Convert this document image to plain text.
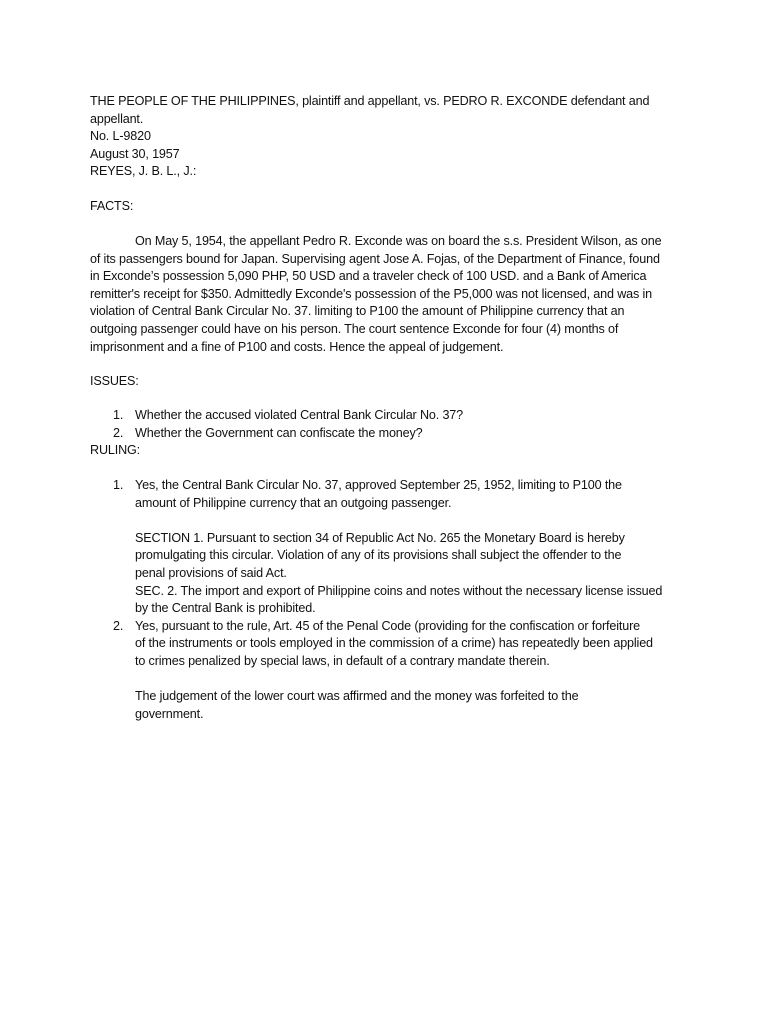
THE PEOPLE OF THE PHILIPPINES, plaintiff and appellant, vs. PEDRO R. EXCONDE defendant and
appellant.
No. L-9820
August 30, 1957
REYES, J. B. L., J.:
FACTS:
On May 5, 1954, the appellant Pedro R. Exconde was on board the s.s. President Wilson, as one
of its passengers bound for Japan. Supervising agent Jose A. Fojas, of the Department of Finance, found
in Exconde’s possession 5,090 PHP, 50 USD and a traveler check of 100 USD. and a Bank of America
remitter's receipt for $350. Admittedly Exconde's possession of the P5,000 was not licensed, and was in
violation of Central Bank Circular No. 37. limiting to P100 the amount of Philippine currency that an
outgoing passenger could have on his person. The court sentence Exconde for four (4) months of
imprisonment and a fine of P100 and costs. Hence the appeal of judgement.
ISSUES:
1. Whether the accused violated Central Bank Circular No. 37?
2. Whether the Government can confiscate the money?
RULING:
1. Yes, the Central Bank Circular No. 37, approved September 25, 1952, limiting to P100 the
amount of Philippine currency that an outgoing passenger.
SECTION 1. Pursuant to section 34 of Republic Act No. 265 the Monetary Board is hereby
promulgating this circular. Violation of any of its provisions shall subject the offender to the
penal provisions of said Act.
SEC. 2. The import and export of Philippine coins and notes without the necessary license issued
by the Central Bank is prohibited.
2. Yes, pursuant to the rule, Art. 45 of the Penal Code (providing for the confiscation or forfeiture
of the instruments or tools employed in the commission of a crime) has repeatedly been applied
to crimes penalized by special laws, in default of a contrary mandate therein.
The judgement of the lower court was affirmed and the money was forfeited to the
government.
